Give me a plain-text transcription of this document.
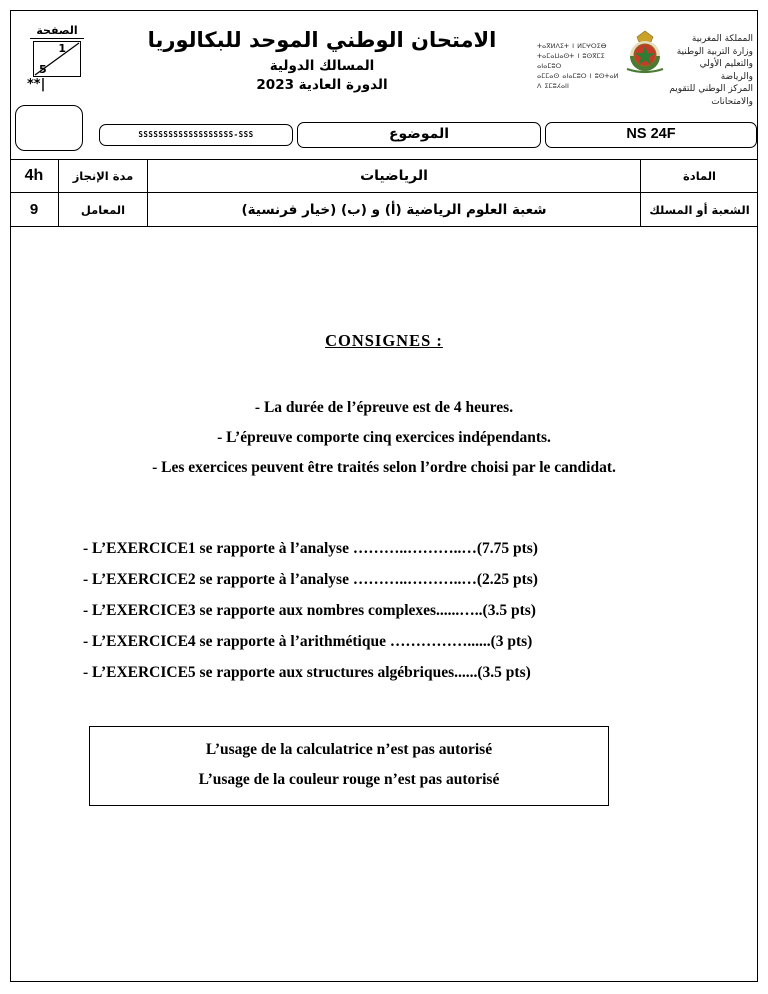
الصفحة
1
5
**|
الامتحان الوطني الموحد للبكالوريا
المسالك الدولية
الدورة العادية 2023
ⵜⴰⴳⵍⴷⵉⵜ ⵏ ⵍⵎⵖⵔⵉⴱ
ⵜⴰⵎⴰⵡⴰⵙⵜ ⵏ ⵓⵙⴳⵎⵉ ⴰⵏⴰⵎⵓⵔ
ⴰⵎⵎⴰⵙ ⴰⵏⴰⵎⵓⵔ ⵏ ⵓⵙⵜⴰⵍ ⴷ ⵉⵎⵓⵃⴰⵏⵏ
المملكة المغربية
وزارة التربية الوطنية
والتعليم الأولي والرياضة
المركز الوطني للتقويم والامتحانات
SSSSSSSSSSSSSSSSSSS-SSS	الموضوع	NS 24F
4h	مدة الإنجاز	الرياضيات	المادة
9	المعامل	شعبة العلوم الرياضية (أ) و (ب) (خيار فرنسية)	الشعبة أو المسلك
CONSIGNES :
- La durée de l’épreuve est de 4 heures.
- L’épreuve comporte cinq exercices indépendants.
- Les exercices peuvent être traités selon l’ordre choisi par le candidat.
- L’EXERCICE1 se rapporte à l’analyse ………..………..…(7.75 pts)
- L’EXERCICE2 se rapporte à l’analyse ………..………..…(2.25 pts)
- L’EXERCICE3 se rapporte aux nombres complexes......…..(3.5 pts)
- L’EXERCICE4 se rapporte à l’arithmétique ……………......(3 pts)
- L’EXERCICE5 se rapporte aux structures algébriques......(3.5 pts)
L’usage de la calculatrice n’est pas autorisé
L’usage de la couleur rouge n’est pas autorisé
